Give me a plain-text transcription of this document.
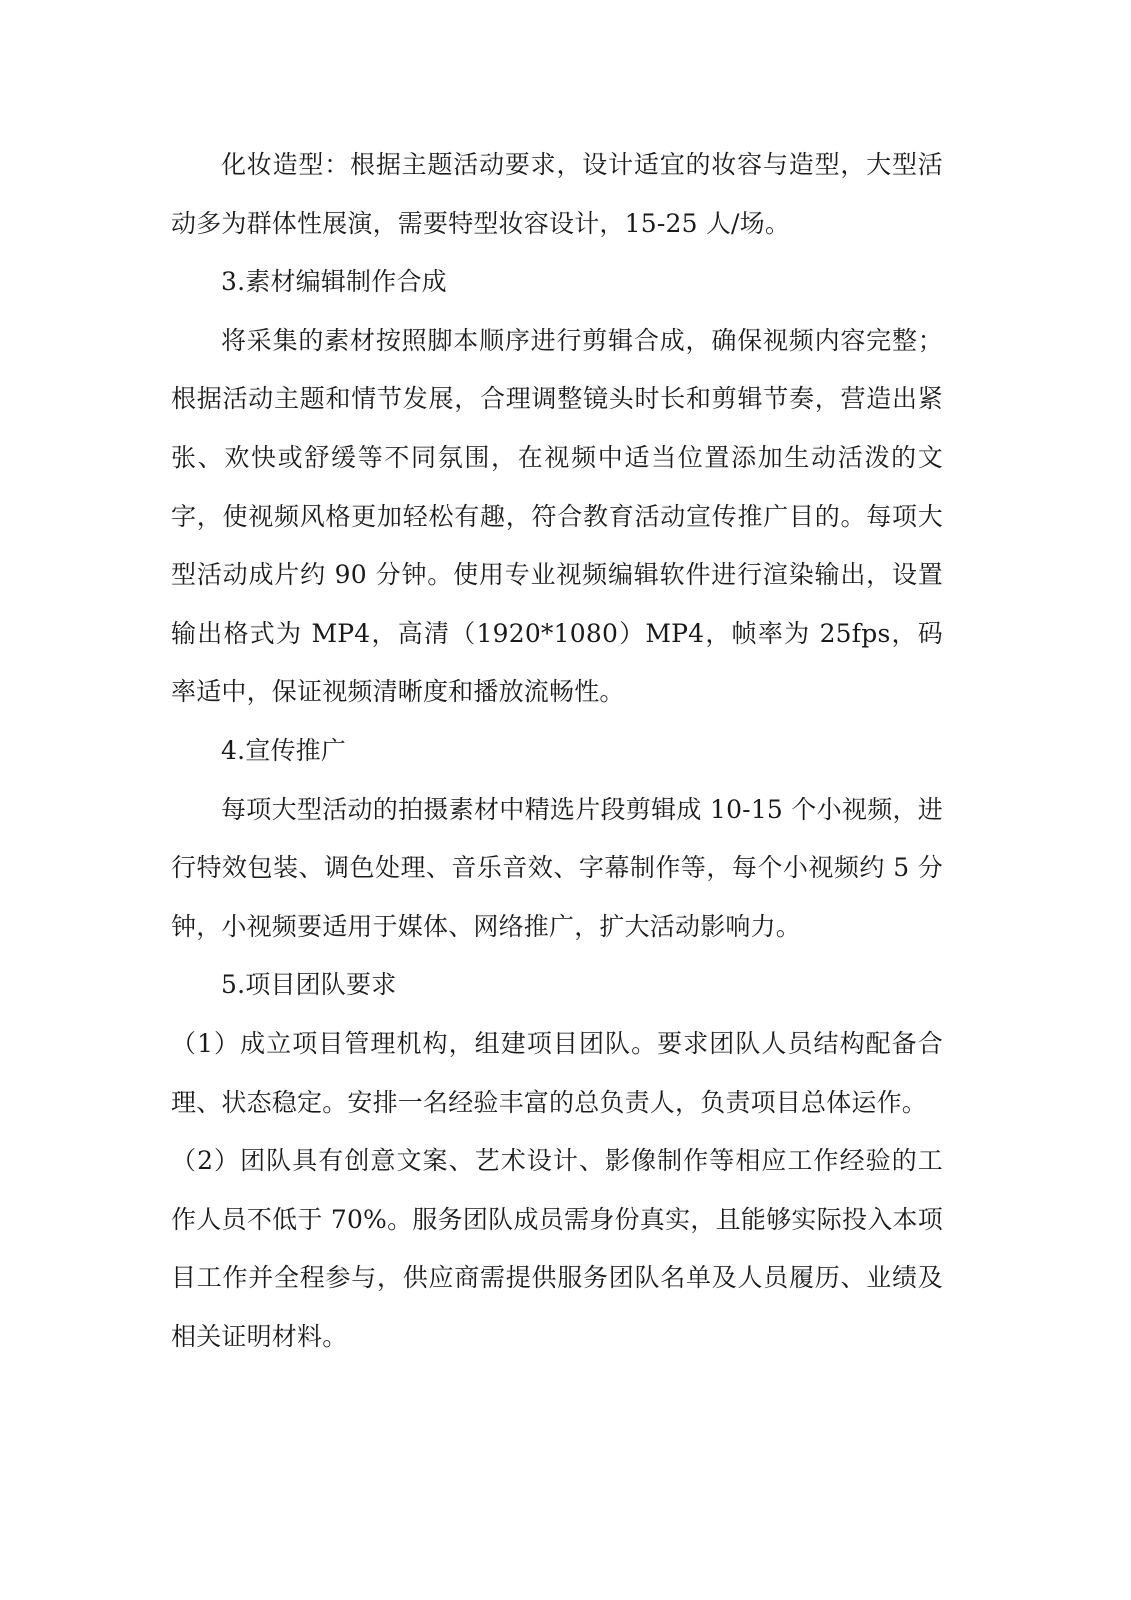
化妆造型：根据主题活动要求，设计适宜的妆容与造型，大型活动多为群体性展演，需要特型妆容设计，15-25 人/场。

3.素材编辑制作合成

将采集的素材按照脚本顺序进行剪辑合成，确保视频内容完整；根据活动主题和情节发展，合理调整镜头时长和剪辑节奏，营造出紧张、欢快或舒缓等不同氛围，在视频中适当位置添加生动活泼的文字，使视频风格更加轻松有趣，符合教育活动宣传推广目的。每项大型活动成片约 90 分钟。使用专业视频编辑软件进行渲染输出，设置输出格式为 MP4，高清（1920*1080）MP4，帧率为 25fps，码率适中，保证视频清晰度和播放流畅性。

4.宣传推广

每项大型活动的拍摄素材中精选片段剪辑成 10-15 个小视频，进行特效包装、调色处理、音乐音效、字幕制作等，每个小视频约 5 分钟，小视频要适用于媒体、网络推广，扩大活动影响力。

5.项目团队要求

（1）成立项目管理机构，组建项目团队。要求团队人员结构配备合理、状态稳定。安排一名经验丰富的总负责人，负责项目总体运作。

（2）团队具有创意文案、艺术设计、影像制作等相应工作经验的工作人员不低于 70%。服务团队成员需身份真实，且能够实际投入本项目工作并全程参与，供应商需提供服务团队名单及人员履历、业绩及相关证明材料。
